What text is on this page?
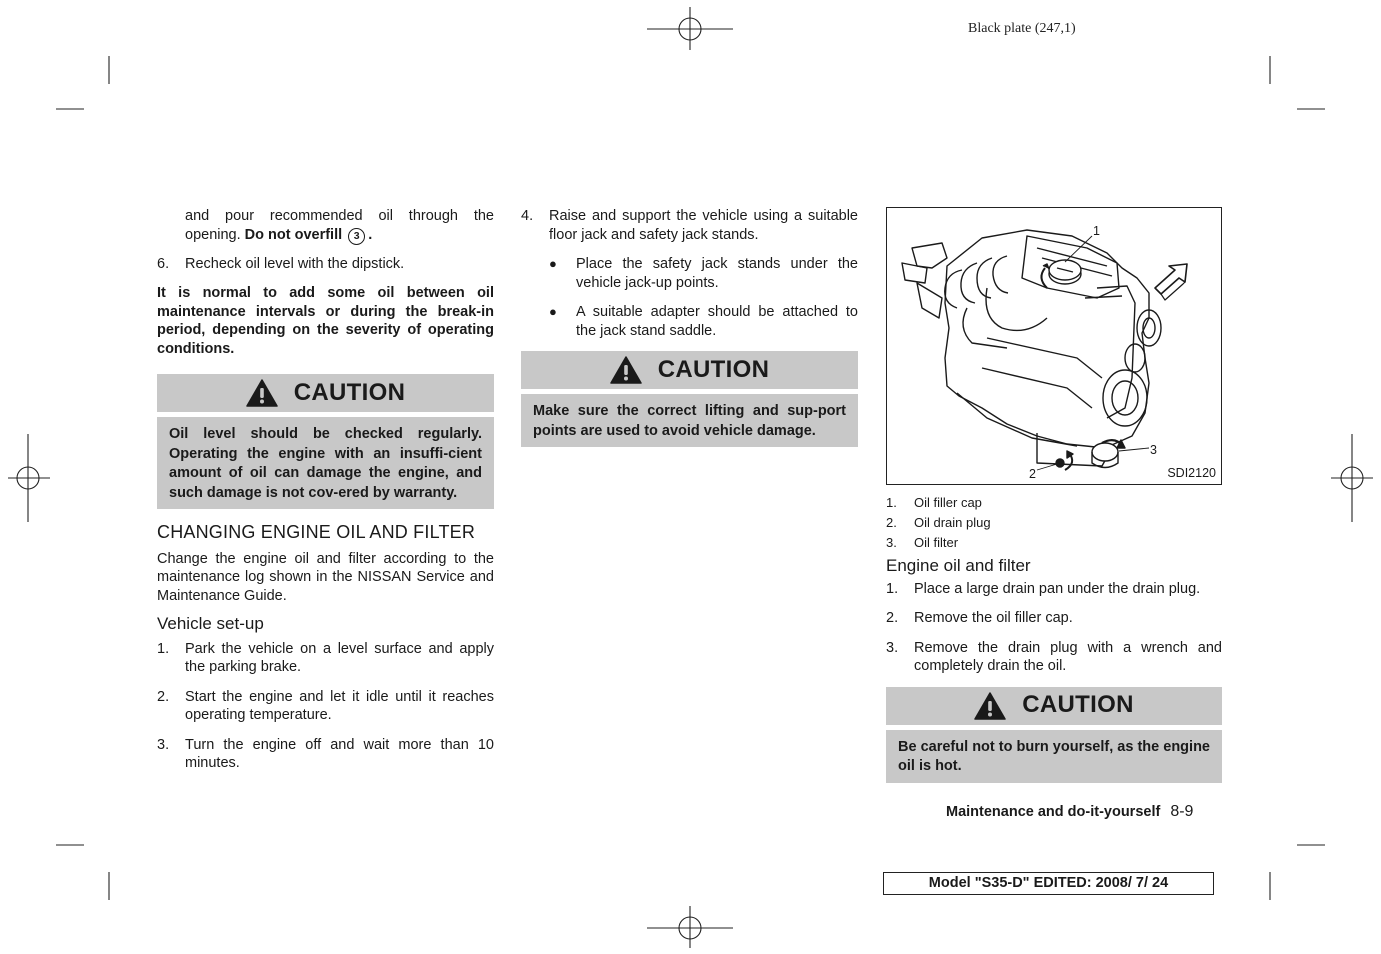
Black plate (247,1)
and pour recommended oil through the opening. Do not overfill 3 .
6.	Recheck oil level with the dipstick.

It is normal to add some oil between oil maintenance intervals or during the break-in period, depending on the severity of operating conditions.

CAUTION
Oil level should be checked regularly. Operating the engine with an insuffi-cient amount of oil can damage the engine, and such damage is not cov-ered by warranty.
CHANGING ENGINE OIL AND FILTER

Change the engine oil and filter according to the maintenance log shown in the NISSAN Service and Maintenance Guide.

Vehicle set-up
1.	Park the vehicle on a level surface and apply the parking brake.
2.	Start the engine and let it idle until it reaches operating temperature.
3.	Turn the engine off and wait more than 10 minutes.
4.	Raise and support the vehicle using a suitable floor jack and safety jack stands.
●	Place the safety jack stands under the vehicle jack-up points.
●	A suitable adapter should be attached to the jack stand saddle.
CAUTION
Make sure the correct lifting and sup-port points are used to avoid vehicle damage.
1
2
3
SDI2120
1.	Oil filler cap
2.	Oil drain plug
3.	Oil filter
Engine oil and filter
1.	Place a large drain pan under the drain plug.
2.	Remove the oil filler cap.
3.	Remove the drain plug with a wrench and completely drain the oil.
CAUTION
Be careful not to burn yourself, as the engine oil is hot.
Maintenance and do-it-yourself 8-9
Model "S35-D" EDITED: 2008/ 7/ 24
